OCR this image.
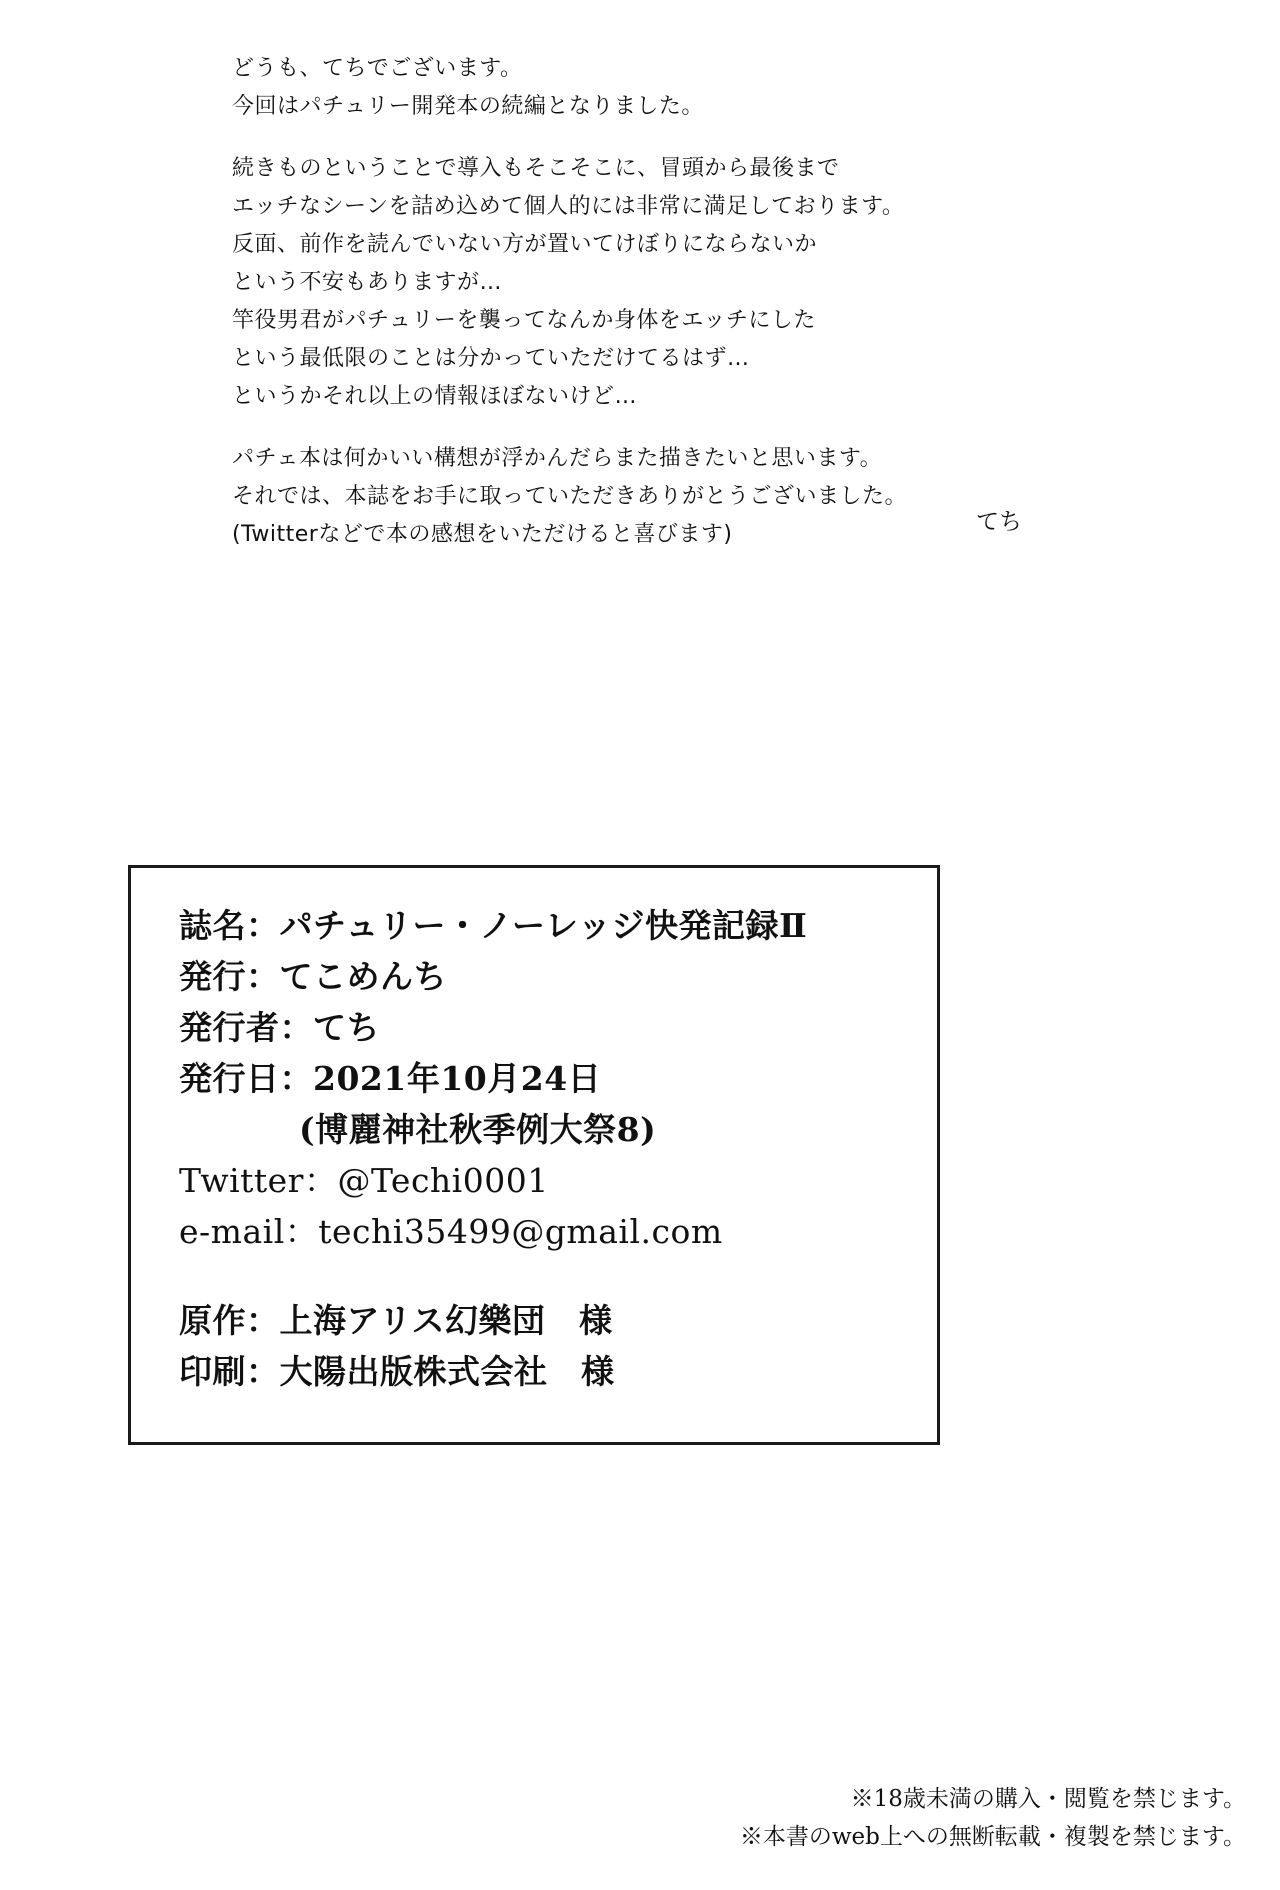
どうも、てちでございます。
今回はパチュリー開発本の続編となりました。
続きものということで導入もそこそこに、冒頭から最後まで
エッチなシーンを詰め込めて個人的には非常に満足しております。
反面、前作を読んでいない方が置いてけぼりにならないか
という不安もありますが…
竿役男君がパチュリーを襲ってなんか身体をエッチにした
という最低限のことは分かっていただけてるはず…
というかそれ以上の情報ほぼないけど…
パチェ本は何かいい構想が浮かんだらまた描きたいと思います。
それでは、本誌をお手に取っていただきありがとうございました。
(Twitterなどで本の感想をいただけると喜びます)	てち
誌名：パチュリー・ノーレッジ快発記録Ⅱ
発行：てこめんち
発行者：てち
発行日：2021年10月24日
(博麗神社秋季例大祭8)
Twitter：@Techi0001
e-mail：techi35499@gmail.com
原作：上海アリス幻樂団　様
印刷：大陽出版株式会社　様
※18歳未満の購入・閲覧を禁じます。
※本書のweb上への無断転載・複製を禁じます。
